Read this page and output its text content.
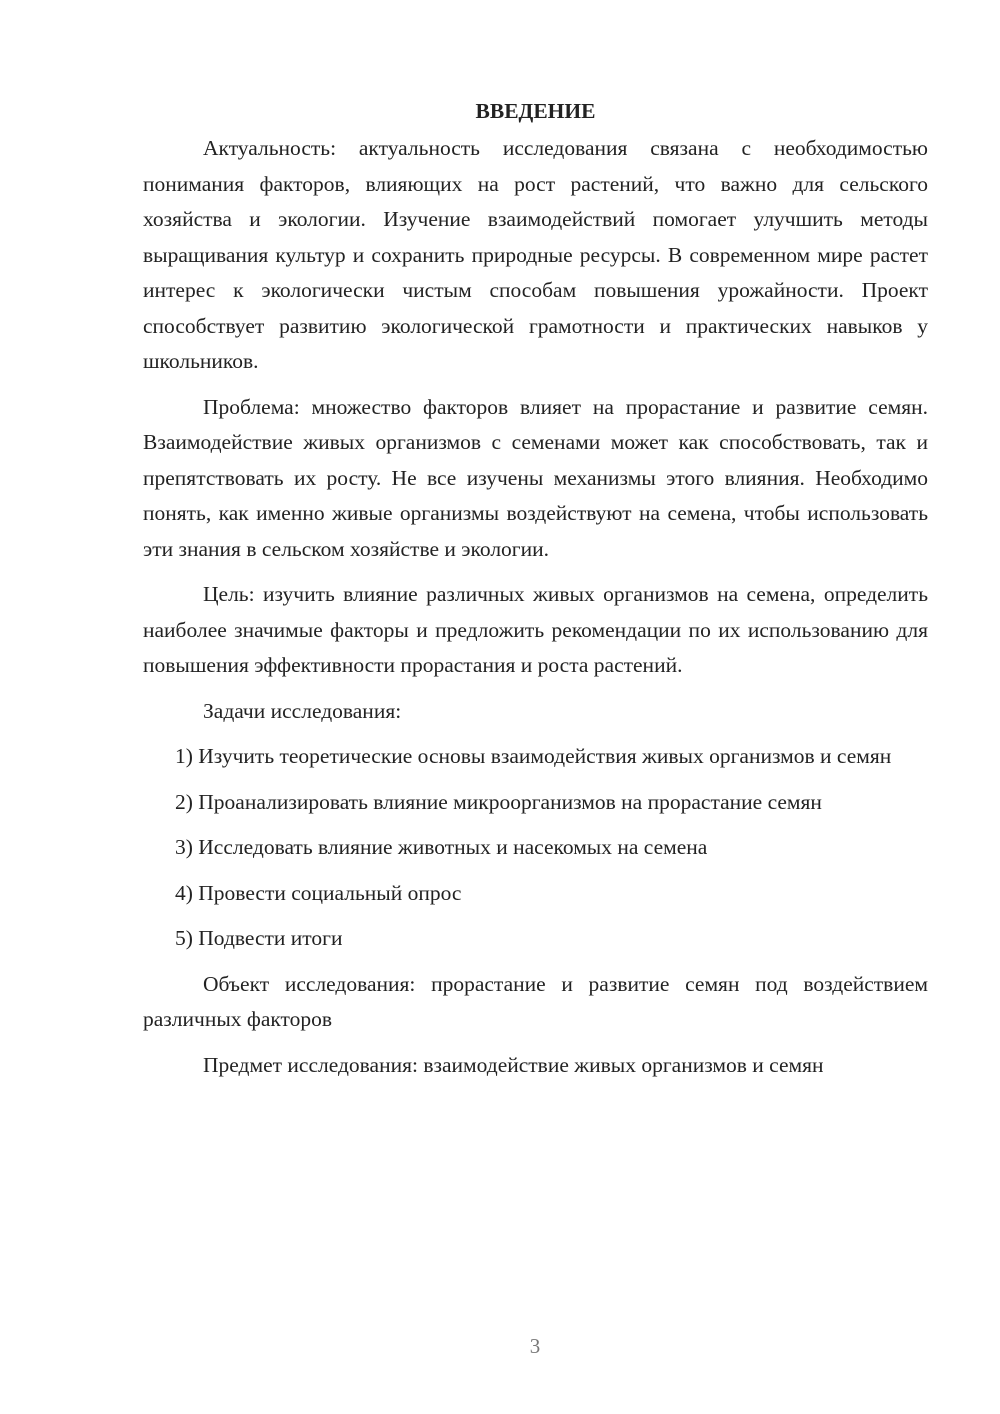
ВВЕДЕНИЕ

Актуальность: актуальность исследования связана с необходимостью понимания факторов, влияющих на рост растений, что важно для сельского хозяйства и экологии. Изучение взаимодействий помогает улучшить методы выращивания культур и сохранить природные ресурсы. В современном мире растет интерес к экологически чистым способам повышения урожайности. Проект способствует развитию экологической грамотности и практических навыков у школьников.

Проблема: множество факторов влияет на прорастание и развитие семян. Взаимодействие живых организмов с семенами может как способствовать, так и препятствовать их росту. Не все изучены механизмы этого влияния. Необходимо понять, как именно живые организмы воздействуют на семена, чтобы использовать эти знания в сельском хозяйстве и экологии.

Цель: изучить влияние различных живых организмов на семена, определить наиболее значимые факторы и предложить рекомендации по их использованию для повышения эффективности прорастания и роста растений.

Задачи исследования:

1) Изучить теоретические основы взаимодействия живых организмов и семян

2) Проанализировать влияние микроорганизмов на прорастание семян

3) Исследовать влияние животных и насекомых на семена

4) Провести социальный опрос

5) Подвести итоги

Объект исследования: прорастание и развитие семян под воздействием различных факторов

Предмет исследования: взаимодействие живых организмов и семян

3
